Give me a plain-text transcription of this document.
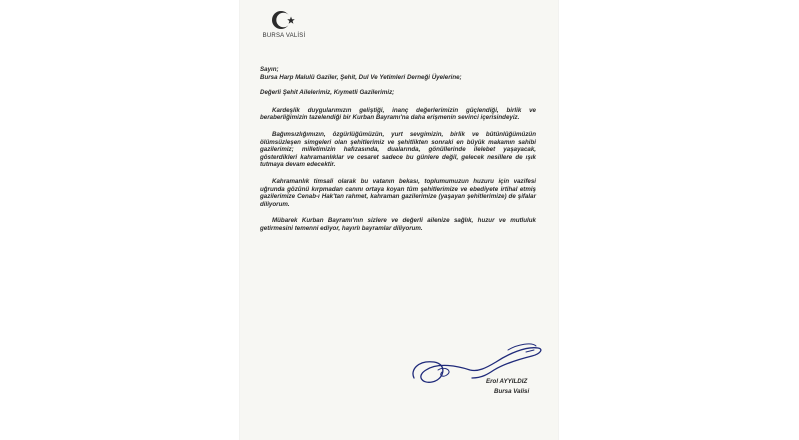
BURSA VALİSİ

Sayın;

Bursa Harp Malulü Gaziler, Şehit, Dul Ve Yetimleri Derneği Üyelerine;

Değerli Şehit Ailelerimiz, Kıymetli Gazilerimiz;

Kardeşlik duygularımızın geliştiği, inanç değerlerimizin güçlendiği, birlik ve beraberliğimizin tazelendiği bir Kurban Bayramı'na daha erişmenin sevinci içerisindeyiz.

Bağımsızlığımızın, özgürlüğümüzün, yurt sevgimizin, birlik ve bütünlüğümüzün ölümsüzleşen simgeleri olan şehitlerimiz ve şehitlikten sonraki en büyük makamın sahibi gazilerimiz; milletimizin hafızasında, dualarında, gönüllerinde ilelebet yaşayacak, gösterdikleri kahramanlıklar ve cesaret sadece bu günlere değil, gelecek nesillere de ışık tutmaya devam edecektir.

Kahramanlık timsali olarak bu vatanın bekası, toplumumuzun huzuru için vazifesi uğrunda gözünü kırpmadan canını ortaya koyan tüm şehitlerimize ve ebediyete irtihal etmiş gazilerimize Cenab-ı Hak'tan rahmet, kahraman gazilerimize (yaşayan şehitlerimize) de şifalar diliyorum.

Mübarek Kurban Bayramı'nın sizlere ve değerli ailenize sağlık, huzur ve mutluluk getirmesini temenni ediyor, hayırlı bayramlar diliyorum.

Erol AYYILDIZ
Bursa Valisi
